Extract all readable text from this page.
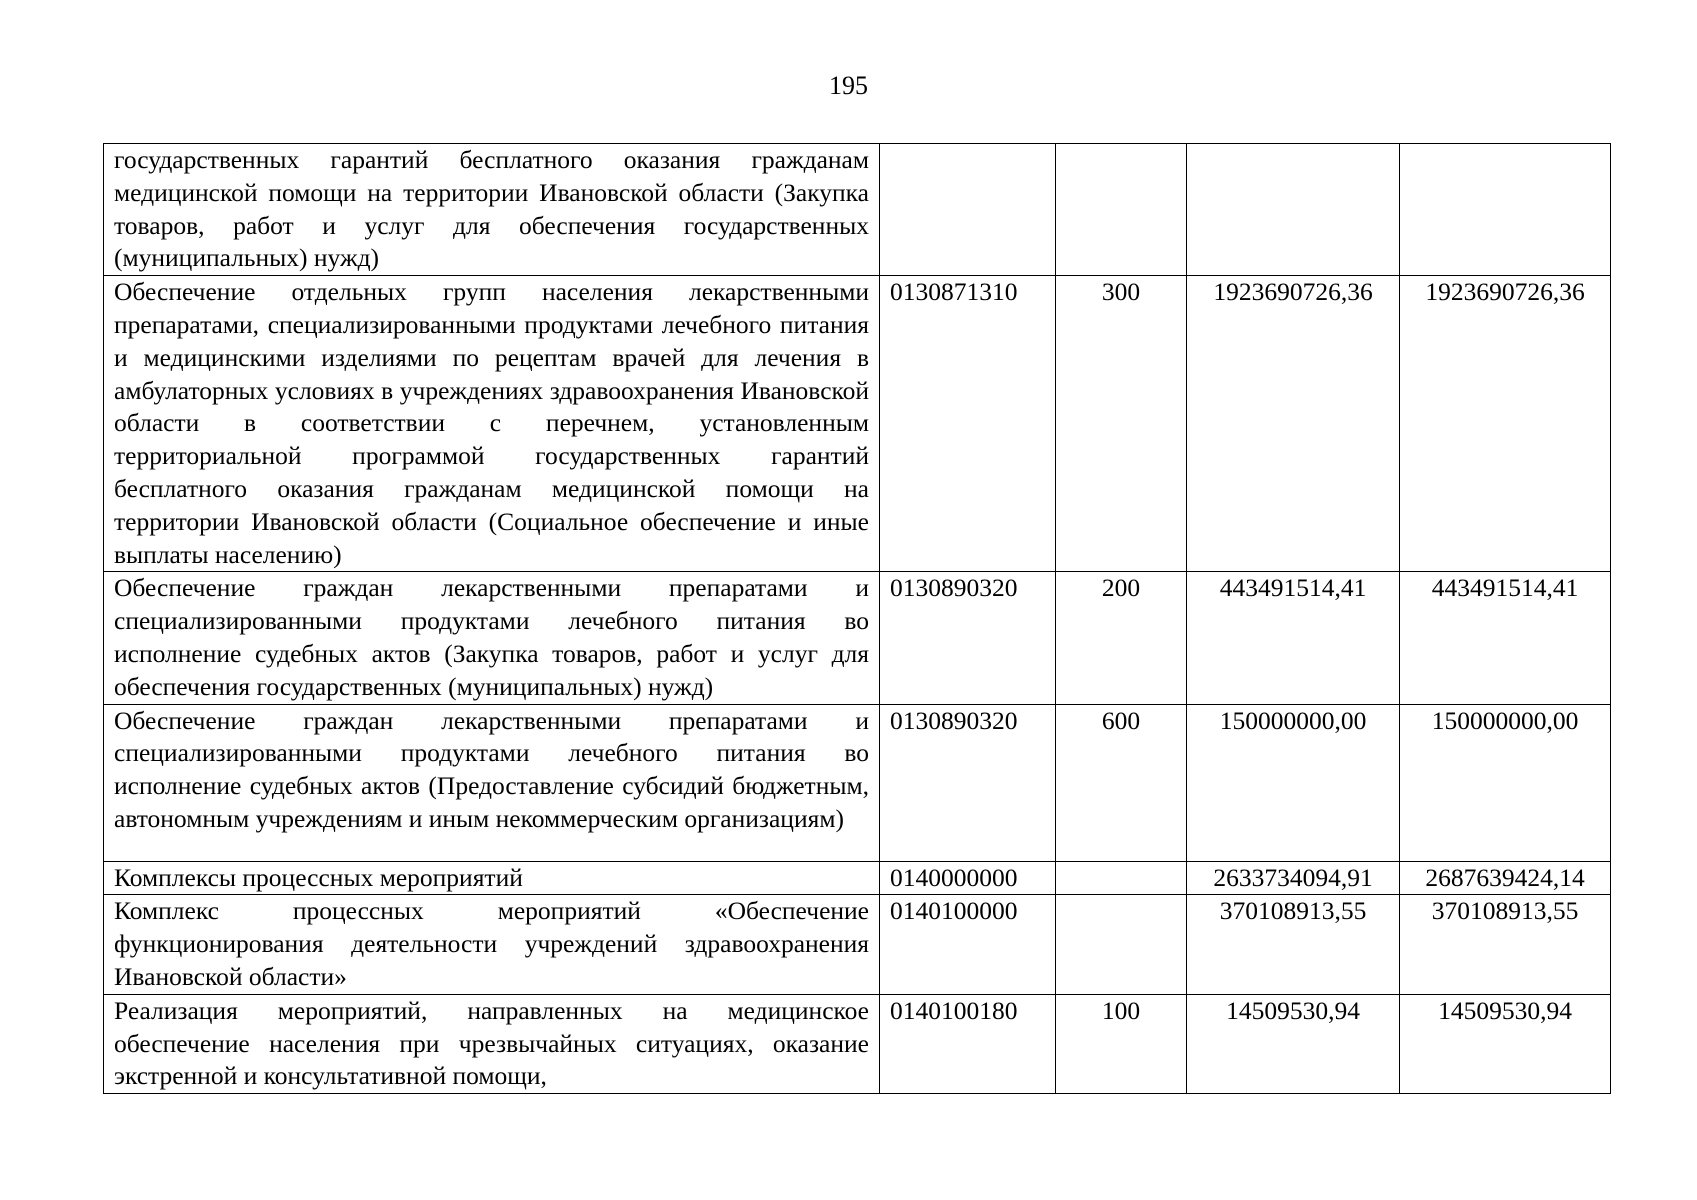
195
государственных гарантий бесплатного оказания гражданам медицинской помощи на территории Ивановской области (Закупка товаров, работ и услуг для обеспечения государственных (муниципальных) нужд)				
Обеспечение отдельных групп населения лекарственными препаратами, специализированными продуктами лечебного питания и медицинскими изделиями по рецептам врачей для лечения в амбулаторных условиях в учреждениях здравоохранения Ивановской области в соответствии с перечнем, установленным территориальной программой государственных гарантий бесплатного оказания гражданам медицинской помощи на территории Ивановской области (Социальное обеспечение и иные выплаты населению)	0130871310	300	1923690726,36	1923690726,36
Обеспечение граждан лекарственными препаратами и специализированными продуктами лечебного питания во исполнение судебных актов (Закупка товаров, работ и услуг для обеспечения государственных (муниципальных) нужд)	0130890320	200	443491514,41	443491514,41
Обеспечение граждан лекарственными препаратами и специализированными продуктами лечебного питания во исполнение судебных актов (Предоставление субсидий бюджетным, автономным учреждениям и иным некоммерческим организациям)	0130890320	600	150000000,00	150000000,00
Комплексы процессных мероприятий	0140000000		2633734094,91	2687639424,14
Комплекс процессных мероприятий «Обеспечение функционирования деятельности учреждений здравоохранения Ивановской области»	0140100000		370108913,55	370108913,55
Реализация мероприятий, направленных на медицинское обеспечение населения при чрезвычайных ситуациях, оказание экстренной и консультативной помощи,	0140100180	100	14509530,94	14509530,94
